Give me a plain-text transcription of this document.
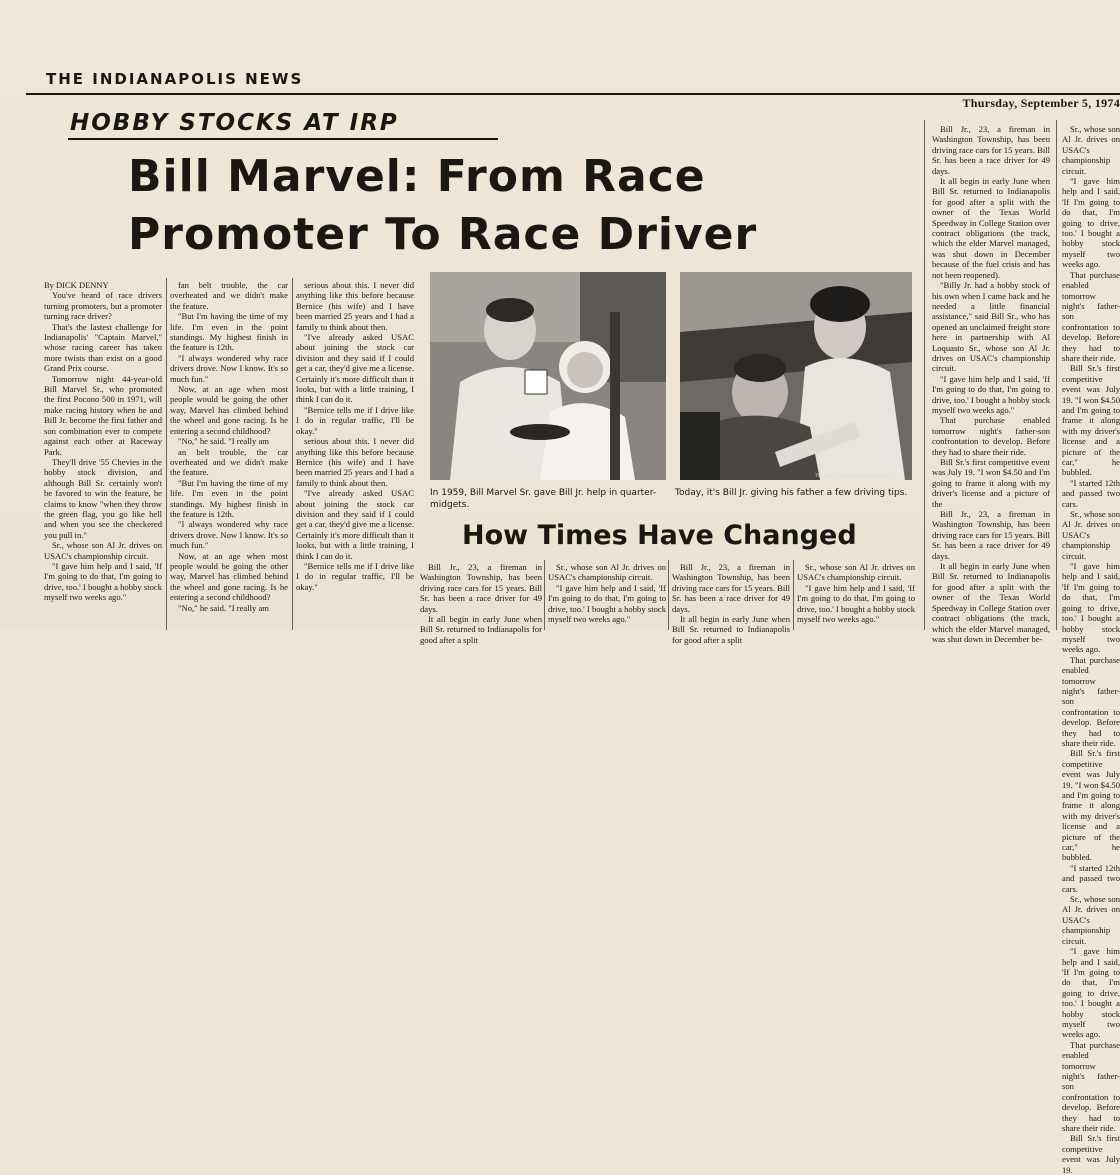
THE INDIANAPOLIS NEWS
Thursday, September 5, 1974
HOBBY STOCKS AT IRP
Bill Marvel: From Race
Promoter To Race Driver

By DICK DENNY

You've heard of race drivers turning promoters, but a promoter turning race driver?

That's the lastest challenge for Indianapolis' "Captain Marvel," whose racing career has taken more twists than exist on a good Grand Prix course.

Tomorrow night 44-year-old Bill Marvel Sr., who promoted the first Pocono 500 in 1971, will make racing history when he and Bill Jr. become the first father and son combination ever to compete against each other at Raceway Park.

They'll drive '55 Chevies in the hobby stock division, and although Bill Sr. certainly won't be favored to win the feature, he claims to know "when they throw the green flag, you go like hell and when you see the checkered you pull in."

Sr., whose son Al Jr. drives on USAC's championship circuit.

"I gave him help and I said, 'If I'm going to do that, I'm going to drive, too.' I bought a hobby stock myself two weeks ago."

fan belt trouble, the car overheated and we didn't make the feature.

"But I'm having the time of my life. I'm even in the point standings. My highest finish in the feature is 12th.

"I always wondered why race drivers drove. Now I know. It's so much fun."

Now, at an age when most people would be going the other way, Marvel has climbed behind the wheel and gone racing. Is he entering a second childhood?

"No," he said. "I really am

an belt trouble, the car overheated and we didn't make the feature.

"But I'm having the time of my life. I'm even in the point standings. My highest finish in the feature is 12th.

"I always wondered why race drivers drove. Now I know. It's so much fun."

Now, at an age when most people would be going the other way, Marvel has climbed behind the wheel and gone racing. Is he entering a second childhood?

"No," he said. "I really am

serious about this. I never did anything like this before because Bernice (his wife) and I have been married 25 years and I had a family to think about then.

"I've already asked USAC about joining the stock car division and they said if I could get a car, they'd give me a license. Certainly it's more difficult than it looks, but with a little training, I think I can do it.

"Bernice tells me if I drive like I do in regular traffic, I'll be okay."

serious about this. I never did anything like this before because Bernice (his wife) and I have been married 25 years and I had a family to think about then.

"I've already asked USAC about joining the stock car division and they said if I could get a car, they'd give me a license. Certainly it's more difficult than it looks, but with a little training, I think I can do it.

"Bernice tells me if I drive like I do in regular traffic, I'll be okay."

In 1959, Bill Marvel Sr. gave Bill Jr. help in quarter-midgets.
The NEWS Photos, Bob Doeppers
Today, it's Bill Jr. giving his father a few driving tips.
How Times Have Changed

Bill Jr., 23, a fireman in Washington Township, has been driving race cars for 15 years. Bill Sr. has been a race driver for 49 days.

It all begin in early June when Bill Sr. returned to Indianapolis for good after a split

Sr., whose son Al Jr. drives on USAC's championship circuit.

"I gave him help and I said, 'If I'm going to do that, I'm going to drive, too.' I bought a hobby stock myself two weeks ago."

Bill Jr., 23, a fireman in Washington Township, has been driving race cars for 15 years. Bill Sr. has been a race driver for 49 days.

It all begin in early June when Bill Sr. returned to Indianapolis for good after a split

Sr., whose son Al Jr. drives on USAC's championship circuit.

"I gave him help and I said, 'If I'm going to do that, I'm going to drive, too.' I bought a hobby stock myself two weeks ago."

Bill Jr., 23, a fireman in Washington Township, has been driving race cars for 15 years. Bill Sr. has been a race driver for 49 days.

It all begin in early June when Bill Sr. returned to Indianapolis for good after a split with the owner of the Texas World Speedway in College Station over contract obligations (the track, which the elder Marvel managed, was shut down in December because of the fuel crisis and has not been reopened).

"Billy Jr. had a hobby stock of his own when I came back and he needed a little financial assistance," said Bill Sr., who has opened an unclaimed freight store here in partnership with Al Loquasto Sr., whose son Al Jr. drives on USAC's championship circuit.

"I gave him help and I said, 'If I'm going to do that, I'm going to drive, too.' I bought a hobby stock myself two weeks ago."

That purchase enabled tomorrow night's father-son confrontation to develop. Before they had to share their ride.

Bill Sr.'s first competitive event was July 19. "I won $4.50 and I'm going to frame it along with my driver's license and a picture of the

Bill Jr., 23, a fireman in Washington Township, has been driving race cars for 15 years. Bill Sr. has been a race driver for 49 days.

It all begin in early June when Bill Sr. returned to Indianapolis for good after a split with the owner of the Texas World Speedway in College Station over contract obligations (the track, which the elder Marvel managed, was shut down in December be-

Sr., whose son Al Jr. drives on USAC's championship circuit.

"I gave him help and I said, 'If I'm going to do that, I'm going to drive, too.' I bought a hobby stock myself two weeks ago.

That purchase enabled tomorrow night's father-son confrontation to develop. Before they had to share their ride.

Bill Sr.'s first competitive event was July 19. "I won $4.50 and I'm going to frame it along with my driver's license and a picture of the car," he bubbled.

"I started 12th and passed two cars.

Sr., whose son Al Jr. drives on USAC's championship circuit.

"I gave him help and I said, 'If I'm going to do that, I'm going to drive, too.' I bought a hobby stock myself two weeks ago.

That purchase enabled tomorrow night's father-son confrontation to develop. Before they had to share their ride.

Bill Sr.'s first competitive event was July 19. "I won $4.50 and I'm going to frame it along with my driver's license and a picture of the car," he bubbled.

"I started 12th and passed two cars.

Sr., whose son Al Jr. drives on USAC's championship circuit.

"I gave him help and I said, 'If I'm going to do that, I'm going to drive, too.' I bought a hobby stock myself two weeks ago.

That purchase enabled tomorrow night's father-son confrontation to develop. Before they had to share their ride.

Bill Sr.'s first competitive event was July 19.
